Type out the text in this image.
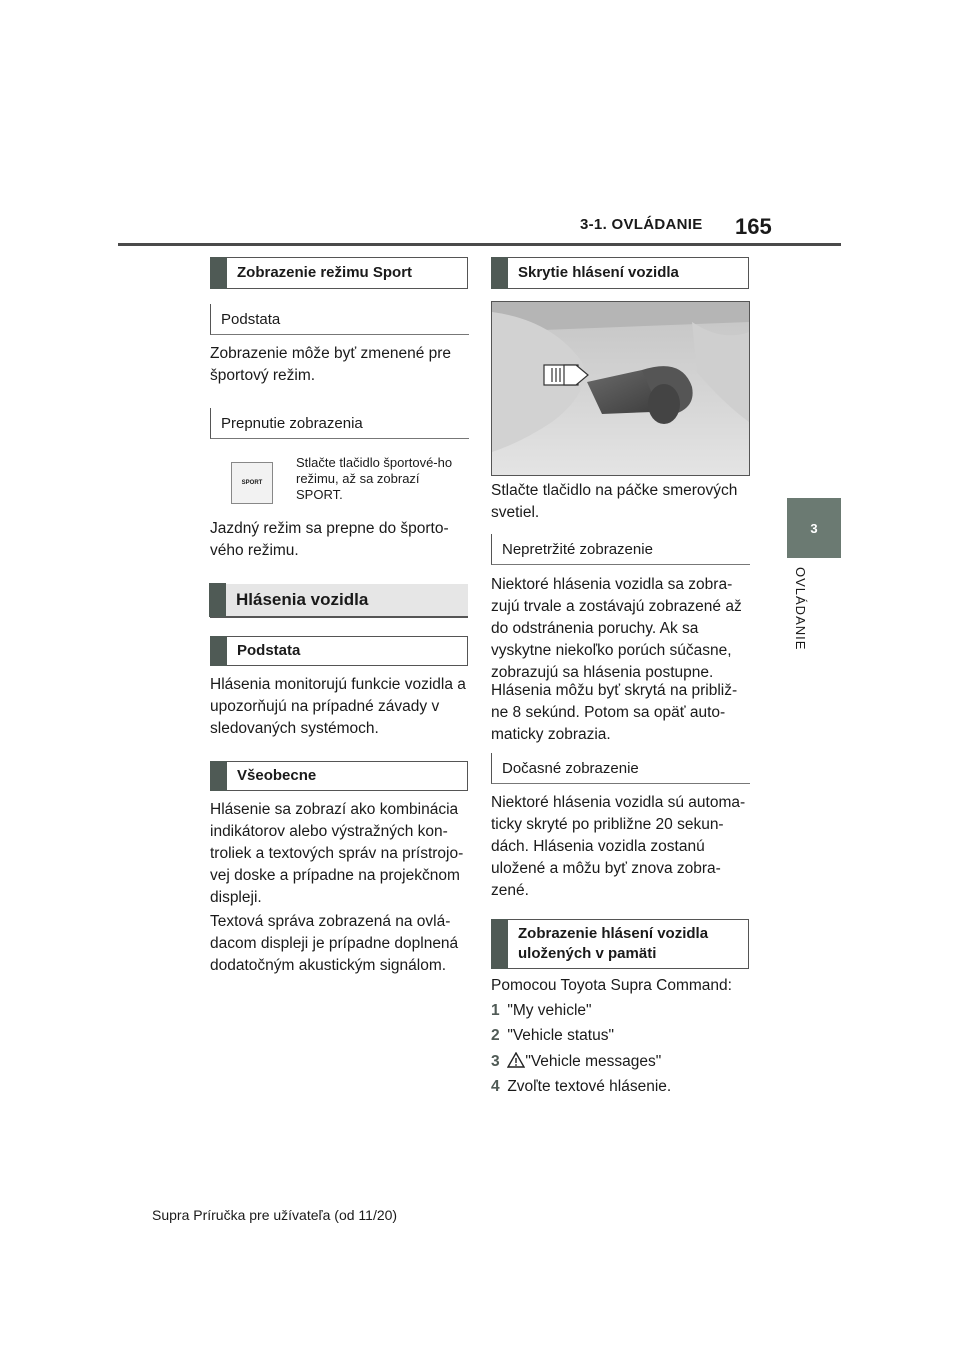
3-1. OVLÁDANIE 165
3
OVLÁDANIE
Zobrazenie režimu Sport
Podstata
Zobrazenie môže byť zmenené pre športový režim.
Prepnutie zobrazenia
SPORT
Stlačte tlačidlo športové-ho režimu, až sa zobrazí SPORT.
Jazdný režim sa prepne do športo-vého režimu.
Hlásenia vozidla
Podstata
Hlásenia monitorujú funkcie vozidla a upozorňujú na prípadné závady v sledovaných systémoch.
Všeobecne
Hlásenie sa zobrazí ako kombinácia indikátorov alebo výstražných kon-troliek a textových správ na prístrojo-vej doske a prípadne na projekčnom displeji.
Textová správa zobrazená na ovlá-dacom displeji je prípadne doplnená dodatočným akustickým signálom.
Skrytie hlásení vozidla
Stlačte tlačidlo na páčke smerových svetiel.
Nepretržité zobrazenie
Niektoré hlásenia vozidla sa zobra-zujú trvale a zostávajú zobrazené až do odstránenia poruchy. Ak sa vyskytne niekoľko porúch súčasne, zobrazujú sa hlásenia postupne.
Hlásenia môžu byť skrytá na približ-ne 8 sekúnd. Potom sa opäť auto-maticky zobrazia.
Dočasné zobrazenie
Niektoré hlásenia vozidla sú automa-ticky skryté po približne 20 sekun-dách. Hlásenia vozidla zostanú uložené a môžu byť znova zobra-zené.
Zobrazenie hlásení vozidla uložených v pamäti
Pomocou Toyota Supra Command:
1 "My vehicle"
2 "Vehicle status"
3 "Vehicle messages"
4 Zvoľte textové hlásenie.
Supra Príručka pre užívateľa (od 11/20)
